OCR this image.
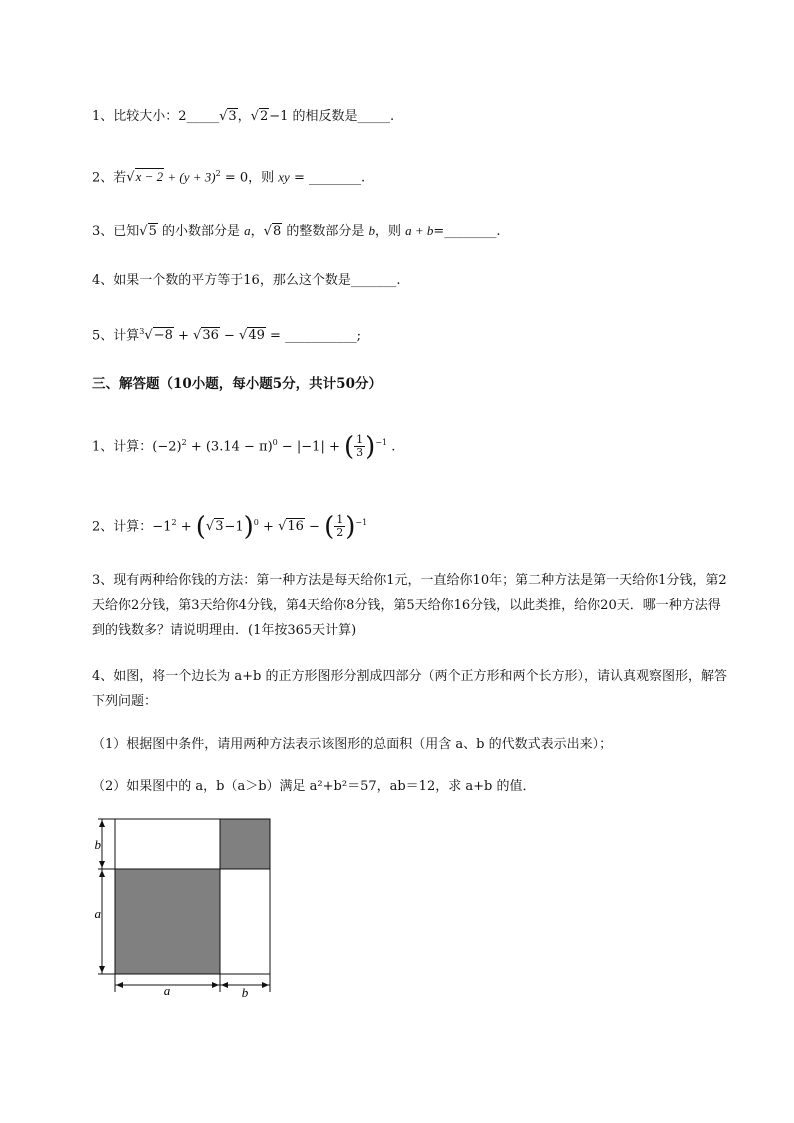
1、比较大小：2_____√3，√2−1 的相反数是_____.
2、若$√x - 2 + (y + 3)^2 = 0$，则 xy = ________.
3、已知√5 的小数部分是 a，√8 的整数部分是 b，则 a + b=________.
4、如果一个数的平方等于16，那么这个数是_______.
5、计算$^3$√−8 + √36 − √49 = ___________;
三、解答题（10小题，每小题5分，共计50分）
1、计算：$(-2)^2 + (3.14 - \pi)^0 - |-1|$ + ( $\frac{1}{3} )^{-1}$ .
2、计算：$-1^2 + (√3-1)^0 + √16$ − ( $\frac{1}{2} )^{-1}$
3、现有两种给你钱的方法：第一种方法是每天给你1元，一直给你10年；第二种方法是第一天给你1分钱，第2天给你2分钱，第3天给你4分钱，第4天给你8分钱，第5天给你16分钱，以此类推，给你20天．哪一种方法得到的钱数多？请说明理由．(1年按365天计算)
4、如图，将一个边长为 a+b 的正方形图形分割成四部分（两个正方形和两个长方形），请认真观察图形，解答下列问题：
（1）根据图中条件，请用两种方法表示该图形的总面积（用含 a、b 的代数式表示出来）；
（2）如果图中的 a，b（a＞b）满足 a²+b²＝57，ab＝12，求 a+b 的值．
b
a
a	b
